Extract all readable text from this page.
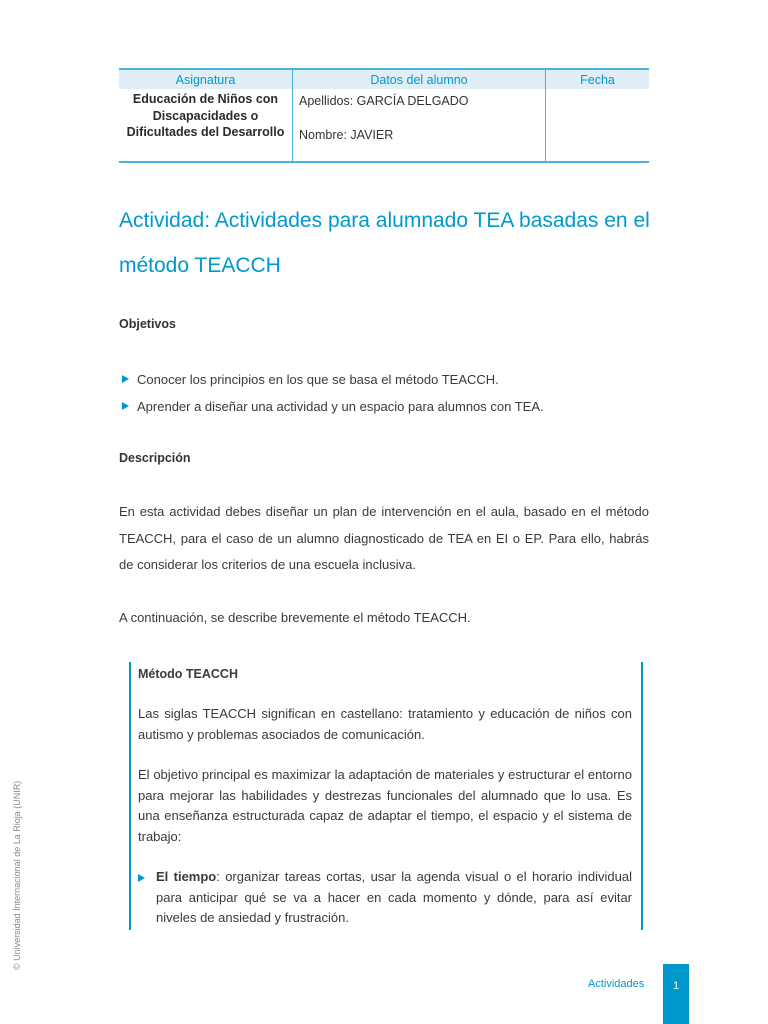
Asignatura	Datos del alumno	Fecha
Educación de Niños con Discapacidades o Dificultades del Desarrollo	Apellidos: GARCÍA DELGADO
Nombre: JAVIER	

Actividad: Actividades para alumnado TEA basadas en el método TEACCH
Objetivos
Conocer los principios en los que se basa el método TEACCH.
Aprender a diseñar una actividad y un espacio para alumnos con TEA.
Descripción

En esta actividad debes diseñar un plan de intervención en el aula, basado en el método TEACCH, para el caso de un alumno diagnosticado de TEA en EI o EP. Para ello, habrás de considerar los criterios de una escuela inclusiva.

A continuación, se describe brevemente el método TEACCH.

Método TEACCH

Las siglas TEACCH significan en castellano: tratamiento y educación de niños con autismo y problemas asociados de comunicación.

El objetivo principal es maximizar la adaptación de materiales y estructurar el entorno para mejorar las habilidades y destrezas funcionales del alumnado que lo usa. Es una enseñanza estructurada capaz de adaptar el tiempo, el espacio y el sistema de trabajo:

El tiempo: organizar tareas cortas, usar la agenda visual o el horario individual para anticipar qué se va a hacer en cada momento y dónde, para así evitar niveles de ansiedad y frustración.
Actividades	1
© Universidad Internacional de La Rioja (UNIR)
